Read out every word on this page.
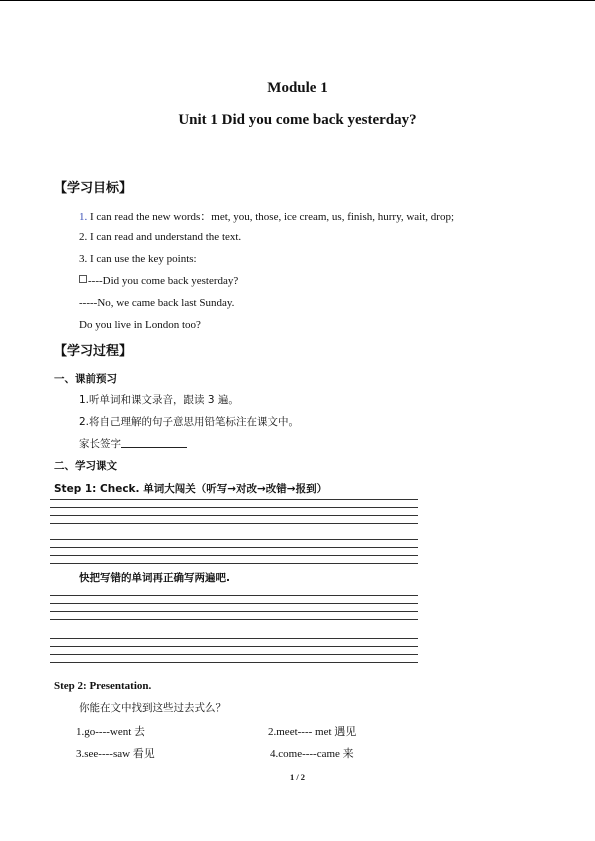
Module 1
Unit 1 Did you come back yesterday?
【学习目标】
1. I can read the new words：met, you, those, ice cream, us, finish, hurry, wait, drop;
2. I can read and understand the text.
3. I can use the key points:
----Did you come back yesterday?
-----No, we came back last Sunday.
Do you live in London too?
【学习过程】
一、课前预习
1.听单词和课文录音，跟读 3 遍。
2.将自己理解的句子意思用铅笔标注在课文中。
家长签字
二、学习课文
Step 1: Check. 单词大闯关（听写→对改→改错→报到）
快把写错的单词再正确写两遍吧.
Step 2: Presentation.
你能在文中找到这些过去式么？
1.go----went 去	2.meet---- met 遇见
3.see----saw 看见	4.come----came 来
1 / 2
